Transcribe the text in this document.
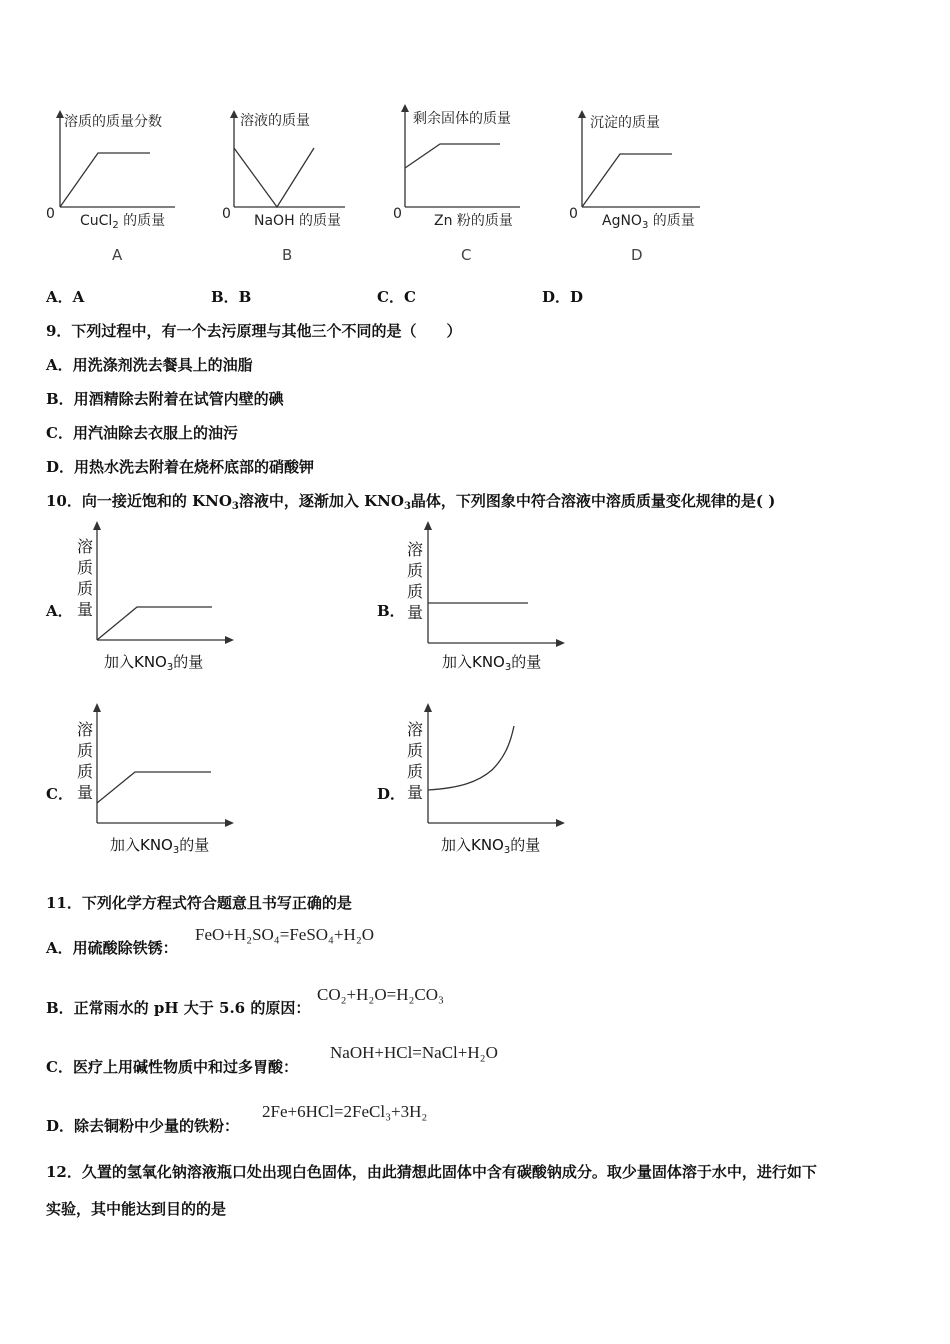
溶质的质量分数	溶液的质量	剩余固体的质量	沉淀的质量
0	0	0	0
CuCl$_2$ 的质量	NaOH 的质量	Zn 粉的质量	AgNO$_3$ 的质量
A	B	C	D
A．A	B．B	C．C	D．D
9．下列过程中，有一个去污原理与其他三个不同的是（　　）
A．用洗涤剂洗去餐具上的油脂
B．用酒精除去附着在试管内壁的碘
C．用汽油除去衣服上的油污
D．用热水洗去附着在烧杯底部的硝酸钾
10．向一接近饱和的 $KNO_3$溶液中，逐渐加入 $KNO_3$晶体，下列图象中符合溶液中溶质质量变化规律的是( )
溶
质
质
量
溶
质
质
量
溶
质
质
量
溶
质
质
量
加入$KNO_3$的量	加入$KNO_3$的量
加入$KNO_3$的量	加入$KNO_3$的量
A．	B．
C．	D．
11．下列化学方程式符合题意且书写正确的是
A．用硫酸除铁锈：
FeO+H₂SO₄=FeSO₄+H₂O
B．正常雨水的 pH 大于 5.6 的原因：
CO₂+H₂O=H₂CO₃
C．医疗上用碱性物质中和过多胃酸：
NaOH+HCl=NaCl+H₂O
D．除去铜粉中少量的铁粉：
2Fe+6HCl=2FeCl₃+3H₂
12．久置的氢氧化钠溶液瓶口处出现白色固体，由此猜想此固体中含有碳酸钠成分。取少量固体溶于水中，进行如下
实验，其中能达到目的的是
